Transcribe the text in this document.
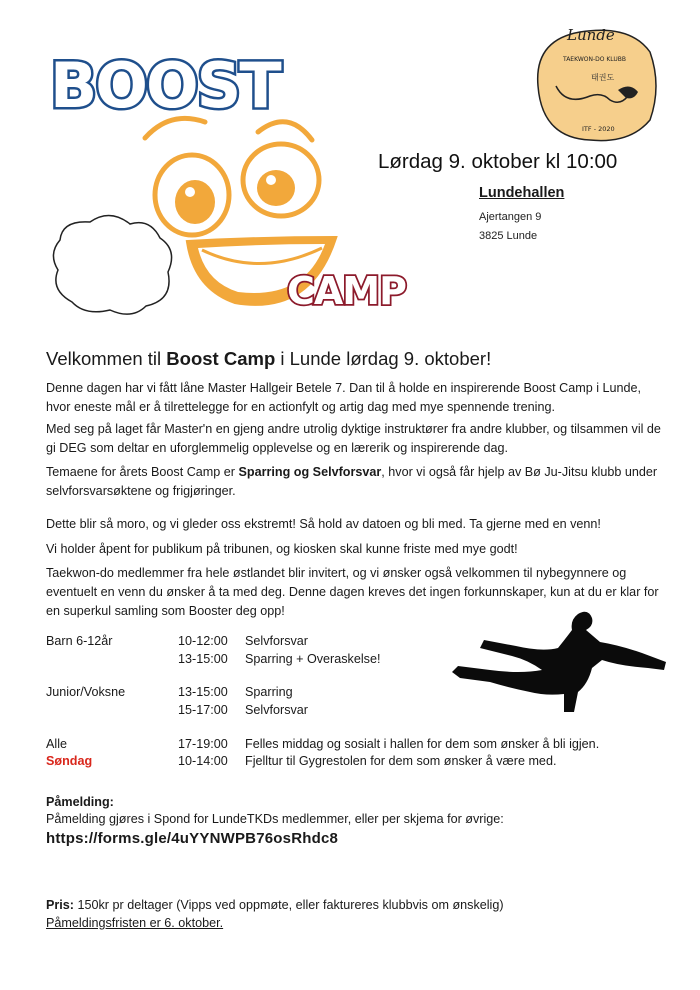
BOOST
CAMP
Lunde
TAEKWON-DO KLUBB
태권도
ITF - 2020
Lørdag 9. oktober kl 10:00
Lundehallen
Ajertangen 9
3825 Lunde
Velkommen til Boost Camp i Lunde lørdag 9. oktober!
Denne dagen har vi fått låne Master Hallgeir Betele 7. Dan til å holde en inspirerende Boost Camp i Lunde, hvor eneste mål er å tilrettelegge for en actionfylt og artig dag med mye spennende trening.
Med seg på laget får Master'n en gjeng andre utrolig dyktige instruktører fra andre klubber, og tilsammen vil de gi DEG som deltar en uforglemmelig opplevelse og en lærerik og inspirerende dag.
Temaene for årets Boost Camp er Sparring og Selvforsvar, hvor vi også får hjelp av Bø Ju-Jitsu klubb under selvforsvarsøktene og frigjøringer.
Dette blir så moro, og vi gleder oss ekstremt! Så hold av datoen og bli med. Ta gjerne med en venn!
Vi holder åpent for publikum på tribunen, og kiosken skal kunne friste med mye godt!
Taekwon-do medlemmer fra hele østlandet blir invitert, og vi ønsker også velkommen til nybegynnere og eventuelt en venn du ønsker å ta med deg. Denne dagen kreves det ingen forkunnskaper, kun at du er klar for en superkul samling som Booster deg opp!
Barn 6-12år	10-12:00 Selvforsvar
13-15:00 Sparring + Overaskelse!
Junior/Voksne	13-15:00 Sparring
15-17:00 Selvforsvar
Alle	17-19:00 Felles middag og sosialt i hallen for dem som ønsker å bli igjen.
Søndag	10-14:00 Fjelltur til Gygrestolen for dem som ønsker å være med.
Påmelding:
Påmelding gjøres i Spond for LundeTKDs medlemmer, eller per skjema for øvrige:
https://forms.gle/4uYYNWPB76osRhdc8
Pris: 150kr pr deltager (Vipps ved oppmøte, eller faktureres klubbvis om ønskelig)
Påmeldingsfristen er 6. oktober.
